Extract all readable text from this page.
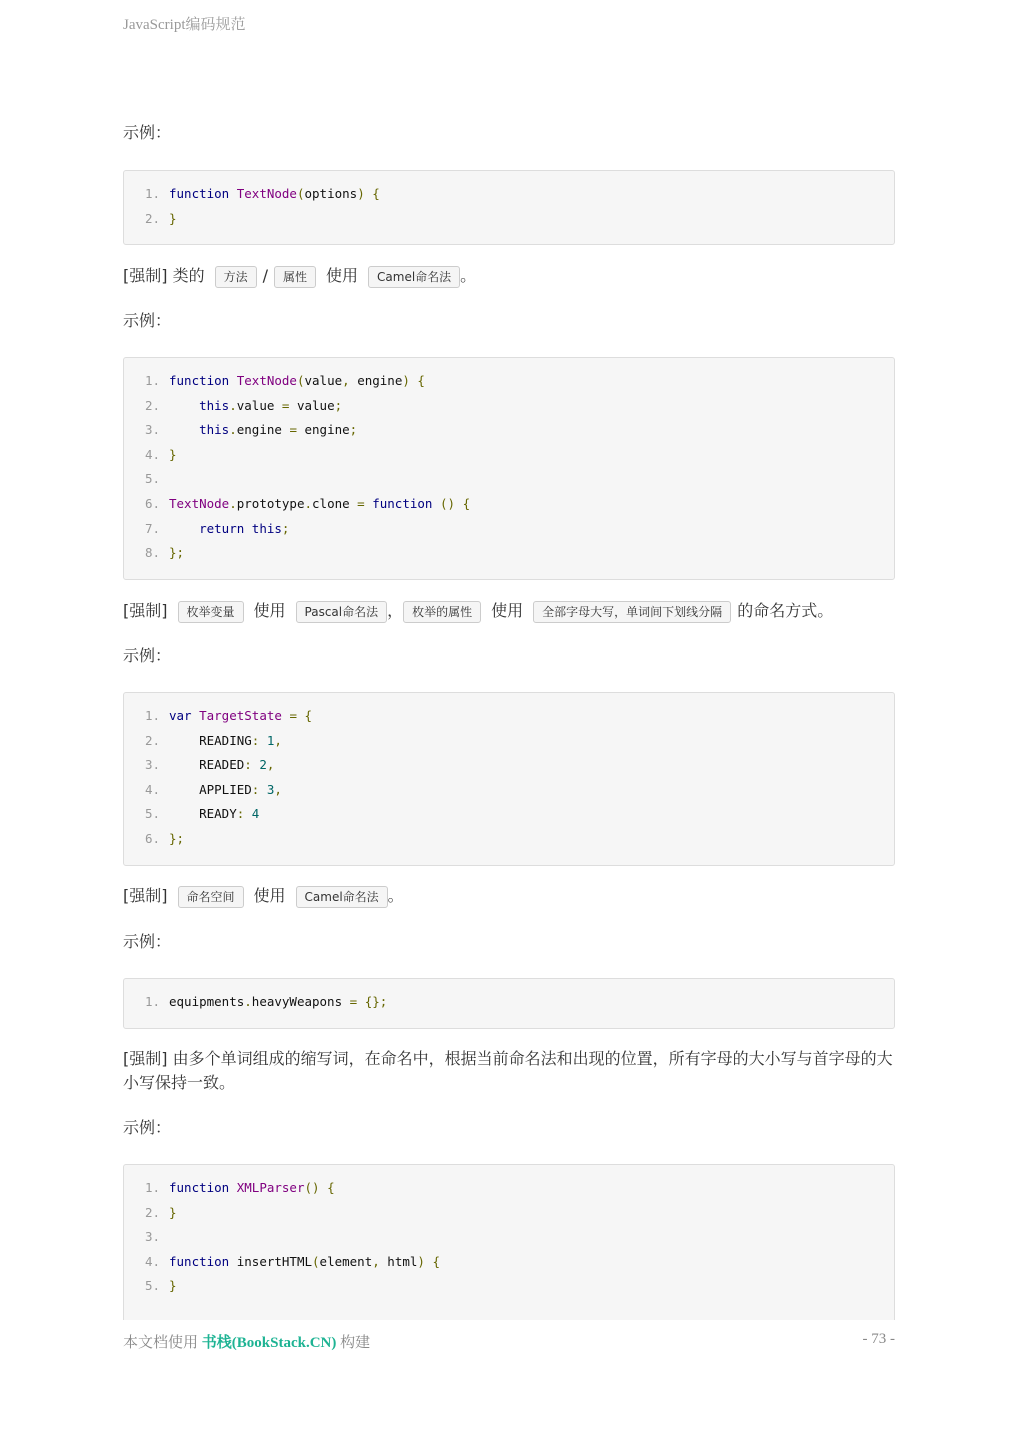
JavaScript编码规范
示例：
1. function TextNode(options) {
2. }
[强制] 类的 方法 / 属性 使用 Camel命名法 。
示例：
1. function TextNode(value, engine) {
2.	this.value = value;
3.	this.engine = engine;
4. }
5.
6. TextNode.prototype.clone = function () {
7.	return this;
8. };
[强制] 枚举变量 使用 Pascal命名法 ， 枚举的属性 使用 全部字母大写，单词间下划线分隔 的命名方式。
示例：
1. var TargetState = {
2.    READING: 1,
3.    READED: 2,
4.    APPLIED: 3,
5.    READY: 4
6. };
[强制] 命名空间 使用 Camel命名法 。
示例：
1. equipments.heavyWeapons = {};
[强制] 由多个单词组成的缩写词，在命名中，根据当前命名法和出现的位置，所有字母的大小写与首字母的大小写保持一致。
示例：
1. function XMLParser() {
2. }
3.
4. function insertHTML(element, html) {
5. }
本文档使用 书栈(BookStack.CN) 构建	- 73 -
